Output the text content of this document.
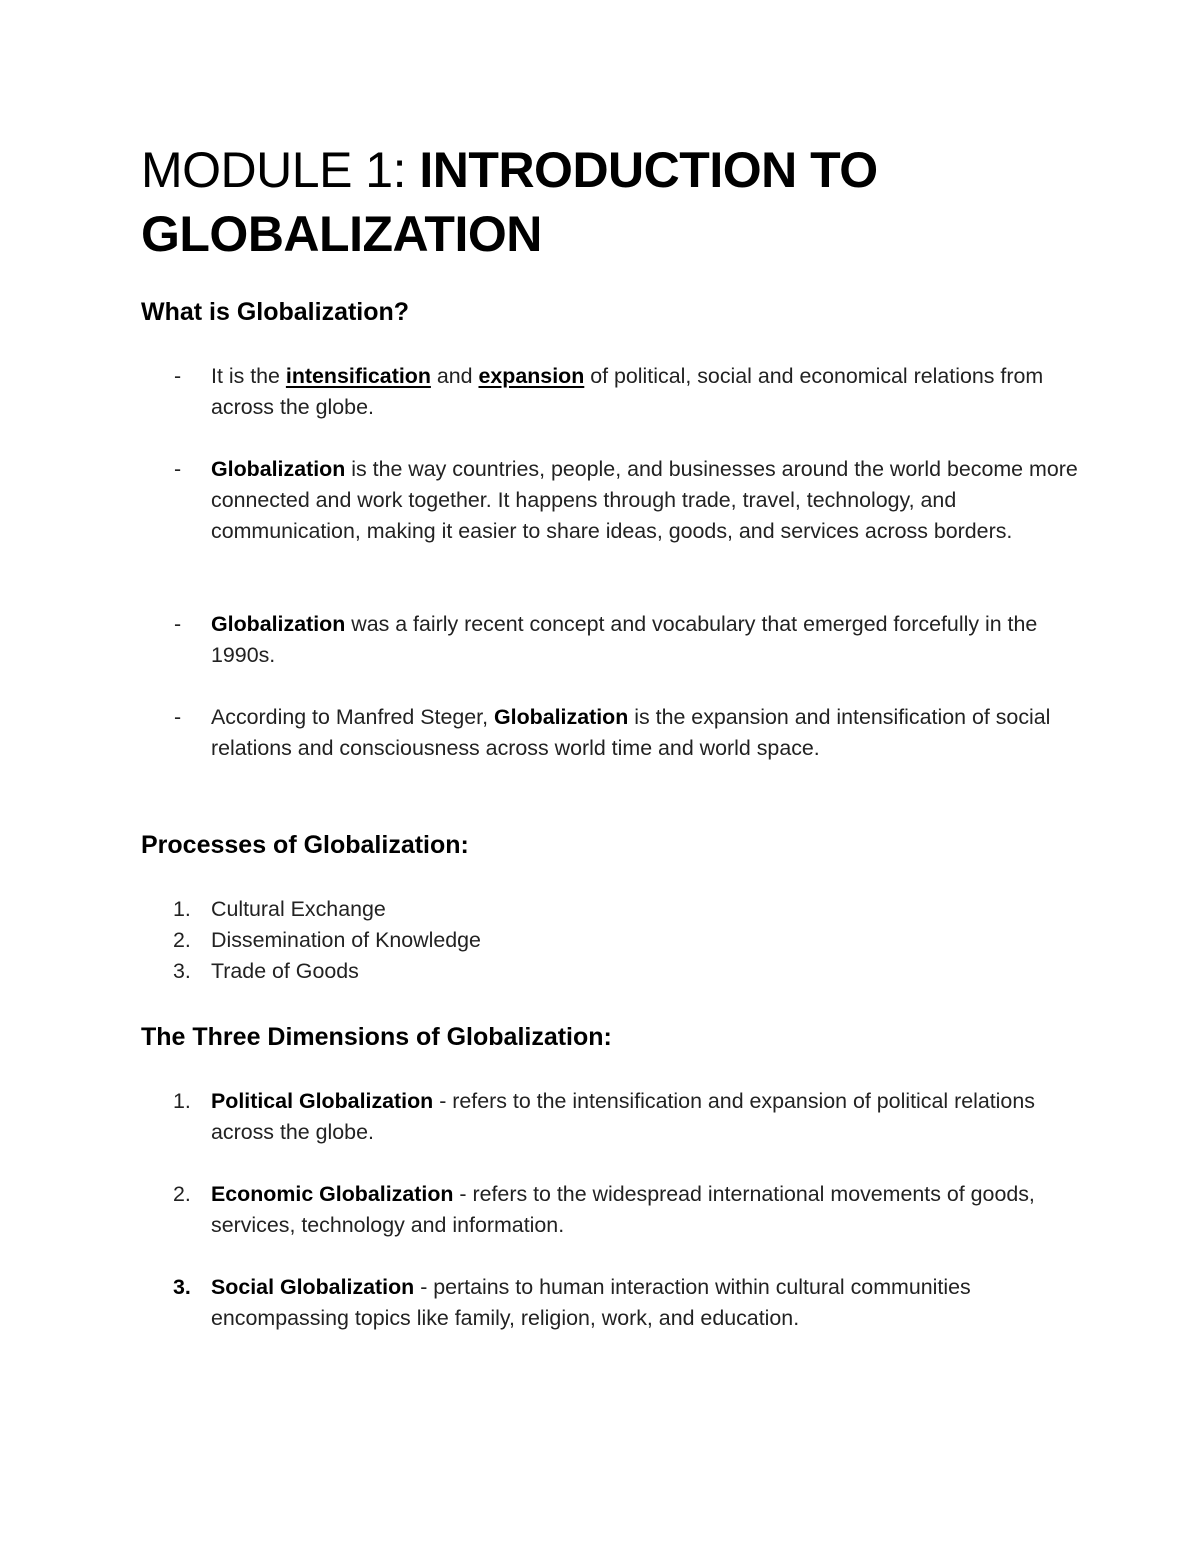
MODULE 1: INTRODUCTION TO GLOBALIZATION
What is Globalization?
-	It is the intensification and expansion of political, social and economical relations from across the globe.
-	Globalization is the way countries, people, and businesses around the world become more connected and work together. It happens through trade, travel, technology, and communication, making it easier to share ideas, goods, and services across borders.
-	Globalization was a fairly recent concept and vocabulary that emerged forcefully in the 1990s.
-	According to Manfred Steger, Globalization is the expansion and intensification of social relations and consciousness across world time and world space.
Processes of Globalization:
1. Cultural Exchange
2. Dissemination of Knowledge
3. Trade of Goods
The Three Dimensions of Globalization:
1. Political Globalization - refers to the intensification and expansion of political relations across the globe.
2. Economic Globalization - refers to the widespread international movements of goods, services, technology and information.
3. Social Globalization - pertains to human interaction within cultural communities encompassing topics like family, religion, work, and education.
